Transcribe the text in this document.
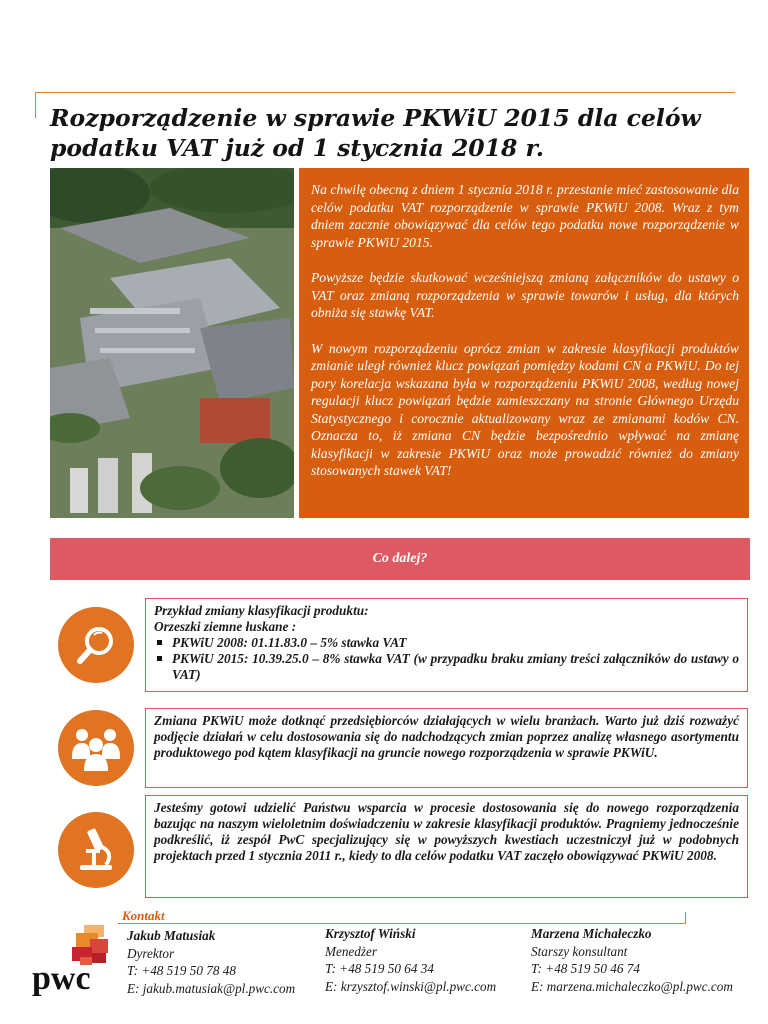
Rozporządzenie w sprawie PKWiU 2015 dla celów podatku VAT już od 1 stycznia 2018 r.

Na chwilę obecną z dniem 1 stycznia 2018 r. przestanie mieć zastosowanie dla celów podatku VAT rozporządzenie w sprawie PKWiU 2008. Wraz z tym dniem zacznie obowiązywać dla celów tego podatku nowe rozporządzenie w sprawie PKWiU 2015.

Powyższe będzie skutkować wcześniejszą zmianą załączników do ustawy o VAT oraz zmianą rozporządzenia w sprawie towarów i usług, dla których obniża się stawkę VAT.

W nowym rozporządzeniu oprócz zmian w zakresie klasyfikacji produktów zmianie uległ również klucz powiązań pomiędzy kodami CN a PKWiU. Do tej pory korelacja wskazana była w rozporządzeniu PKWiU 2008, według nowej regulacji klucz powiązań będzie zamieszczany na stronie Głównego Urzędu Statystycznego i corocznie aktualizowany wraz ze zmianami kodów CN. Oznacza to, iż zmiana CN będzie bezpośrednio wpływać na zmianę klasyfikacji w zakresie PKWiU oraz może prowadzić również do zmiany stosowanych stawek VAT!

Co dalej?
Przykład zmiany klasyfikacji produktu:
Orzeszki ziemne łuskane :
PKWiU 2008: 01.11.83.0 – 5% stawka VAT
PKWiU 2015: 10.39.25.0 – 8% stawka VAT (w przypadku braku zmiany treści załączników do ustawy o VAT)
Zmiana PKWiU może dotknąć przedsiębiorców działających w wielu branżach. Warto już dziś rozważyć podjęcie działań w celu dostosowania się do nadchodzących zmian poprzez analizę własnego asortymentu produktowego pod kątem klasyfikacji na gruncie nowego rozporządzenia w sprawie PKWiU.
Jesteśmy gotowi udzielić Państwu wsparcia w procesie dostosowania się do nowego rozporządzenia bazując na naszym wieloletnim doświadczeniu w zakresie klasyfikacji produktów. Pragniemy jednocześnie podkreślić, iż zespół PwC specjalizujący się w powyższych kwestiach uczestniczył już w podobnych projektach przed 1 stycznia 2011 r., kiedy to dla celów podatku VAT zaczęło obowiązywać PKWiU 2008.
Kontakt
pwc
Jakub Matusiak
Dyrektor
T: +48 519 50 78 48
E: jakub.matusiak@pl.pwc.com
Krzysztof Wiński
Menedżer
T: +48 519 50 64 34
E: krzysztof.winski@pl.pwc.com
Marzena Michałeczko
Starszy konsultant
T: +48 519 50 46 74
E: marzena.michaleczko@pl.pwc.com
